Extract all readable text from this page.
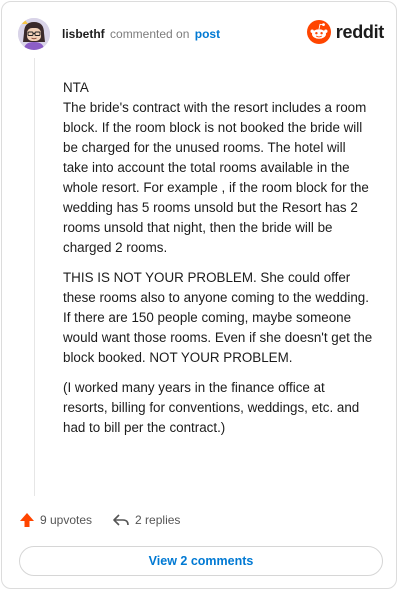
lisbethf commented on post	reddit

NTA
The bride's contract with the resort includes a room block. If the room block is not booked the bride will be charged for the unused rooms. The hotel will take into account the total rooms available in the whole resort. For example , if the room block for the wedding has 5 rooms unsold but the Resort has 2 rooms unsold that night, then the bride will be charged 2 rooms.

THIS IS NOT YOUR PROBLEM. She could offer these rooms also to anyone coming to the wedding. If there are 150 people coming, maybe someone would want those rooms. Even if she doesn't get the block booked. NOT YOUR PROBLEM.

(I worked many years in the finance office at resorts, billing for conventions, weddings, etc. and had to bill per the contract.)

9 upvotes	2 replies
View 2 comments
